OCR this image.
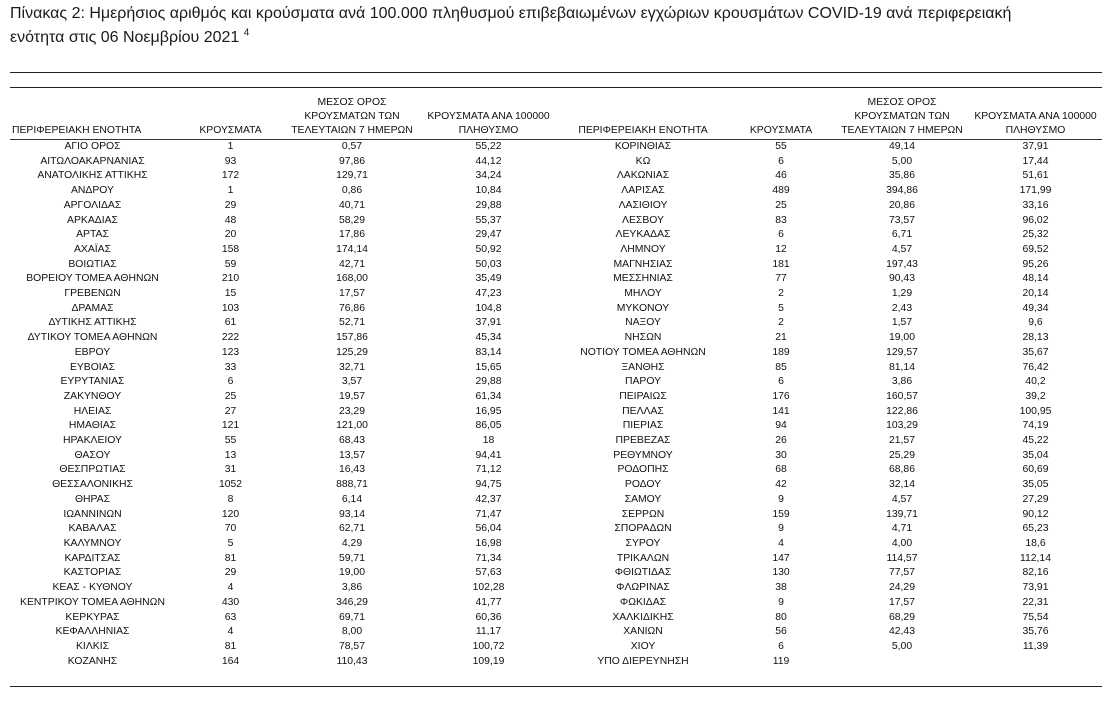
Πίνακας 2: Ημερήσιος αριθμός και κρούσματα ανά 100.000 πληθυσμού επιβεβαιωμένων εγχώριων κρουσμάτων COVID-19 ανά περιφερειακή
ενότητα στις 06 Νοεμβρίου 2021 $^4$
ΠΕΡΙΦΕΡΕΙΑΚΗ ΕΝΟΤΗΤΑ	ΚΡΟΥΣΜΑΤΑ	ΜΕΣΟΣ ΟΡΟΣ
ΚΡΟΥΣΜΑΤΩΝ ΤΩΝ
ΤΕΛΕΥΤΑΙΩΝ 7 ΗΜΕΡΩΝ	ΚΡΟΥΣΜΑΤΑ ΑΝΑ 100000
ΠΛΗΘΥΣΜΟ	ΠΕΡΙΦΕΡΕΙΑΚΗ ΕΝΟΤΗΤΑ	ΚΡΟΥΣΜΑΤΑ	ΜΕΣΟΣ ΟΡΟΣ
ΚΡΟΥΣΜΑΤΩΝ ΤΩΝ
ΤΕΛΕΥΤΑΙΩΝ 7 ΗΜΕΡΩΝ	ΚΡΟΥΣΜΑΤΑ ΑΝΑ 100000
ΠΛΗΘΥΣΜΟ
ΑΓΙΟ ΟΡΟΣ	1	0,57	55,22	ΚΟΡΙΝΘΙΑΣ	55	49,14	37,91
ΑΙΤΩΛΟΑΚΑΡΝΑΝΙΑΣ	93	97,86	44,12	ΚΩ	6	5,00	17,44
ΑΝΑΤΟΛΙΚΗΣ ΑΤΤΙΚΗΣ	172	129,71	34,24	ΛΑΚΩΝΙΑΣ	46	35,86	51,61
ΑΝΔΡΟΥ	1	0,86	10,84	ΛΑΡΙΣΑΣ	489	394,86	171,99
ΑΡΓΟΛΙΔΑΣ	29	40,71	29,88	ΛΑΣΙΘΙΟΥ	25	20,86	33,16
ΑΡΚΑΔΙΑΣ	48	58,29	55,37	ΛΕΣΒΟΥ	83	73,57	96,02
ΑΡΤΑΣ	20	17,86	29,47	ΛΕΥΚΑΔΑΣ	6	6,71	25,32
ΑΧΑΪΑΣ	158	174,14	50,92	ΛΗΜΝΟΥ	12	4,57	69,52
ΒΟΙΩΤΙΑΣ	59	42,71	50,03	ΜΑΓΝΗΣΙΑΣ	181	197,43	95,26
ΒΟΡΕΙΟΥ ΤΟΜΕΑ ΑΘΗΝΩΝ	210	168,00	35,49	ΜΕΣΣΗΝΙΑΣ	77	90,43	48,14
ΓΡΕΒΕΝΩΝ	15	17,57	47,23	ΜΗΛΟΥ	2	1,29	20,14
ΔΡΑΜΑΣ	103	76,86	104,8	ΜΥΚΟΝΟΥ	5	2,43	49,34
ΔΥΤΙΚΗΣ ΑΤΤΙΚΗΣ	61	52,71	37,91	ΝΑΞΟΥ	2	1,57	9,6
ΔΥΤΙΚΟΥ ΤΟΜΕΑ ΑΘΗΝΩΝ	222	157,86	45,34	ΝΗΣΩΝ	21	19,00	28,13
ΕΒΡΟΥ	123	125,29	83,14	ΝΟΤΙΟΥ ΤΟΜΕΑ ΑΘΗΝΩΝ	189	129,57	35,67
ΕΥΒΟΙΑΣ	33	32,71	15,65	ΞΑΝΘΗΣ	85	81,14	76,42
ΕΥΡΥΤΑΝΙΑΣ	6	3,57	29,88	ΠΑΡΟΥ	6	3,86	40,2
ΖΑΚΥΝΘΟΥ	25	19,57	61,34	ΠΕΙΡΑΙΩΣ	176	160,57	39,2
ΗΛΕΙΑΣ	27	23,29	16,95	ΠΕΛΛΑΣ	141	122,86	100,95
ΗΜΑΘΙΑΣ	121	121,00	86,05	ΠΙΕΡΙΑΣ	94	103,29	74,19
ΗΡΑΚΛΕΙΟΥ	55	68,43	18	ΠΡΕΒΕΖΑΣ	26	21,57	45,22
ΘΑΣΟΥ	13	13,57	94,41	ΡΕΘΥΜΝΟΥ	30	25,29	35,04
ΘΕΣΠΡΩΤΙΑΣ	31	16,43	71,12	ΡΟΔΟΠΗΣ	68	68,86	60,69
ΘΕΣΣΑΛΟΝΙΚΗΣ	1052	888,71	94,75	ΡΟΔΟΥ	42	32,14	35,05
ΘΗΡΑΣ	8	6,14	42,37	ΣΑΜΟΥ	9	4,57	27,29
ΙΩΑΝΝΙΝΩΝ	120	93,14	71,47	ΣΕΡΡΩΝ	159	139,71	90,12
ΚΑΒΑΛΑΣ	70	62,71	56,04	ΣΠΟΡΑΔΩΝ	9	4,71	65,23
ΚΑΛΥΜΝΟΥ	5	4,29	16,98	ΣΥΡΟΥ	4	4,00	18,6
ΚΑΡΔΙΤΣΑΣ	81	59,71	71,34	ΤΡΙΚΑΛΩΝ	147	114,57	112,14
ΚΑΣΤΟΡΙΑΣ	29	19,00	57,63	ΦΘΙΩΤΙΔΑΣ	130	77,57	82,16
ΚΕΑΣ - ΚΥΘΝΟΥ	4	3,86	102,28	ΦΛΩΡΙΝΑΣ	38	24,29	73,91
ΚΕΝΤΡΙΚΟΥ ΤΟΜΕΑ ΑΘΗΝΩΝ	430	346,29	41,77	ΦΩΚΙΔΑΣ	9	17,57	22,31
ΚΕΡΚΥΡΑΣ	63	69,71	60,36	ΧΑΛΚΙΔΙΚΗΣ	80	68,29	75,54
ΚΕΦΑΛΛΗΝΙΑΣ	4	8,00	11,17	ΧΑΝΙΩΝ	56	42,43	35,76
ΚΙΛΚΙΣ	81	78,57	100,72	ΧΙΟΥ	6	5,00	11,39
ΚΟΖΑΝΗΣ	164	110,43	109,19	ΥΠΟ ΔΙΕΡΕΥΝΗΣΗ	119		
